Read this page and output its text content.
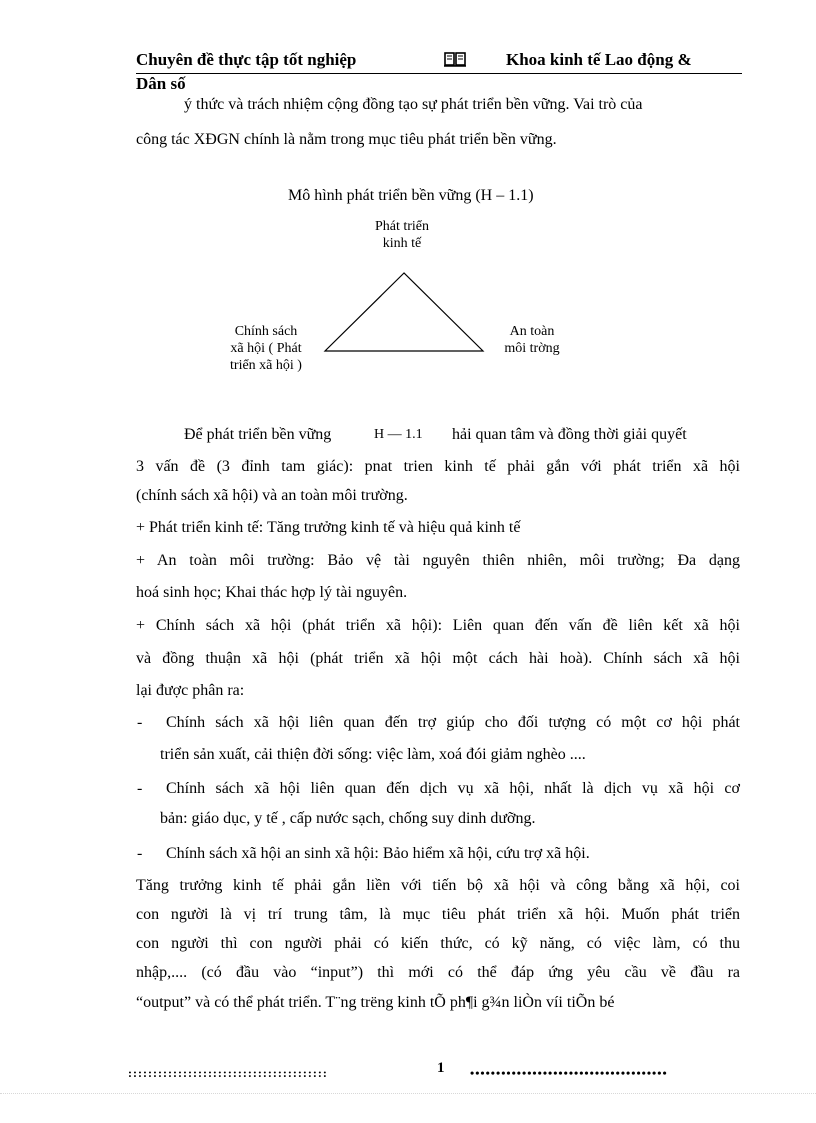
Chuyên đề thực tập tốt nghiệp	Khoa kinh tế Lao động &
Dân số
ý thức và trách nhiệm cộng đồng tạo sự phát triển bền vững. Vai trò của
công tác XĐGN chính là nằm trong mục tiêu phát triển bền vững.
Mô hình phát triển bền vững (H – 1.1)
Phát triển
kinh tế
Chính sách
xã hội ( Phát
triển xã hội )
An toàn
môi trờng
Để phát triển bền vững	H — 1.1 hải quan tâm và đồng thời giải quyết
3 vấn đề (3 đỉnh tam giác): pnat trien kinh tế phải gắn với phát triển xã hội
(chính sách xã hội) và an toàn môi trường.
+ Phát triển kinh tế: Tăng trưởng kinh tế và hiệu quả kinh tế
+ An toàn môi trường: Bảo vệ tài nguyên thiên nhiên, môi trường; Đa dạng
hoá sinh học; Khai thác hợp lý tài nguyên.
+ Chính sách xã hội (phát triển xã hội): Liên quan đến vấn đề liên kết xã hội
và đồng thuận xã hội (phát triển xã hội một cách hài hoà). Chính sách xã hội
lại được phân ra:
- Chính sách xã hội liên quan đến trợ giúp cho đối tượng có một cơ hội phát
triển sản xuất, cải thiện đời sống: việc làm, xoá đói giảm nghèo ....
- Chính sách xã hội liên quan đến dịch vụ xã hội, nhất là dịch vụ xã hội cơ
bản: giáo dục, y tế , cấp nước sạch, chống suy dinh dưỡng.
- Chính sách xã hội an sinh xã hội: Bảo hiểm xã hội, cứu trợ xã hội.
Tăng trưởng kinh tế phải gắn liền với tiến bộ xã hội và công bằng xã hội, coi
con người là vị trí trung tâm, là mục tiêu phát triển xã hội. Muốn phát triển
con người thì con người phải có kiến thức, có kỹ năng, có việc làm, có thu
nhập,.... (có đầu vào “input”) thì mới có thể đáp ứng yêu cầu về đầu ra
“output” và có thể phát triển. T¨ng trëng kinh tÕ ph¶i g¾n liÒn víi tiÕn bé
::::::::::::::::::::::::::::::::::::::::	1 ••••••••••••••••••••••••••••••••••••••
